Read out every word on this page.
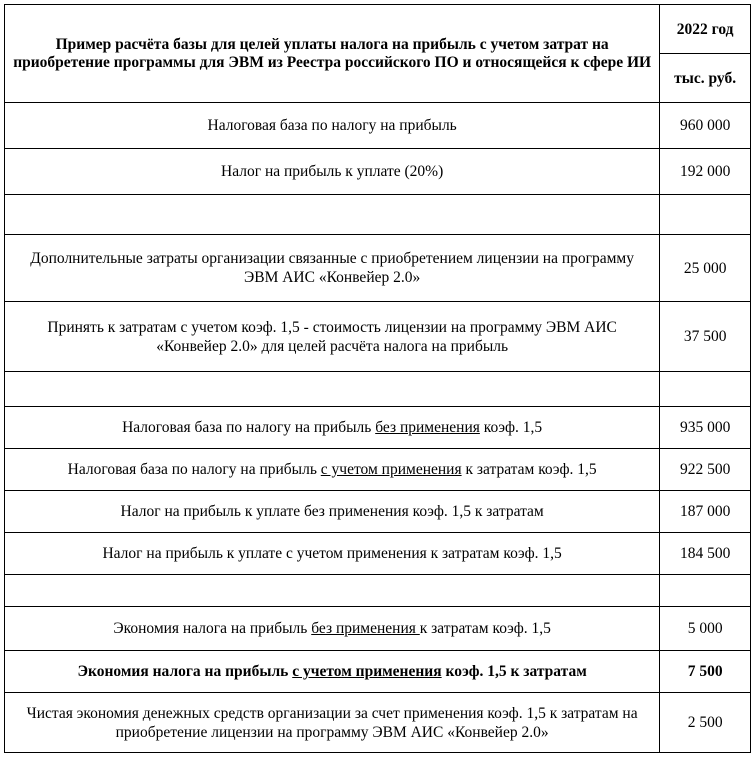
Пример расчёта базы для целей уплаты налога на прибыль с учетом затрат на приобретение программы для ЭВМ из Реестра российского ПО и относящейся к сфере ИИ	2022 год
	тыс. руб.
Налоговая база по налогу на прибыль	960 000
Налог на прибыль к уплате (20%)	192 000

Дополнительные затраты организации связанные с приобретением лицензии на программу ЭВМ АИС «Конвейер 2.0»	25 000
Принять к затратам с учетом коэф. 1,5 - стоимость лицензии на программу ЭВМ АИС «Конвейер 2.0» для целей расчёта налога на прибыль	37 500

Налоговая база по налогу на прибыль без применения коэф. 1,5	935 000
Налоговая база по налогу на прибыль с учетом применения к затратам коэф. 1,5	922 500
Налог на прибыль к уплате без применения коэф. 1,5 к затратам	187 000
Налог на прибыль к уплате с учетом применения к затратам коэф. 1,5	184 500

Экономия налога на прибыль без применения к затратам коэф. 1,5	5 000
Экономия налога на прибыль с учетом применения коэф. 1,5 к затратам	7 500
Чистая экономия денежных средств организации за счет применения коэф. 1,5 к затратам на приобретение лицензии на программу ЭВМ АИС «Конвейер 2.0»	2 500
